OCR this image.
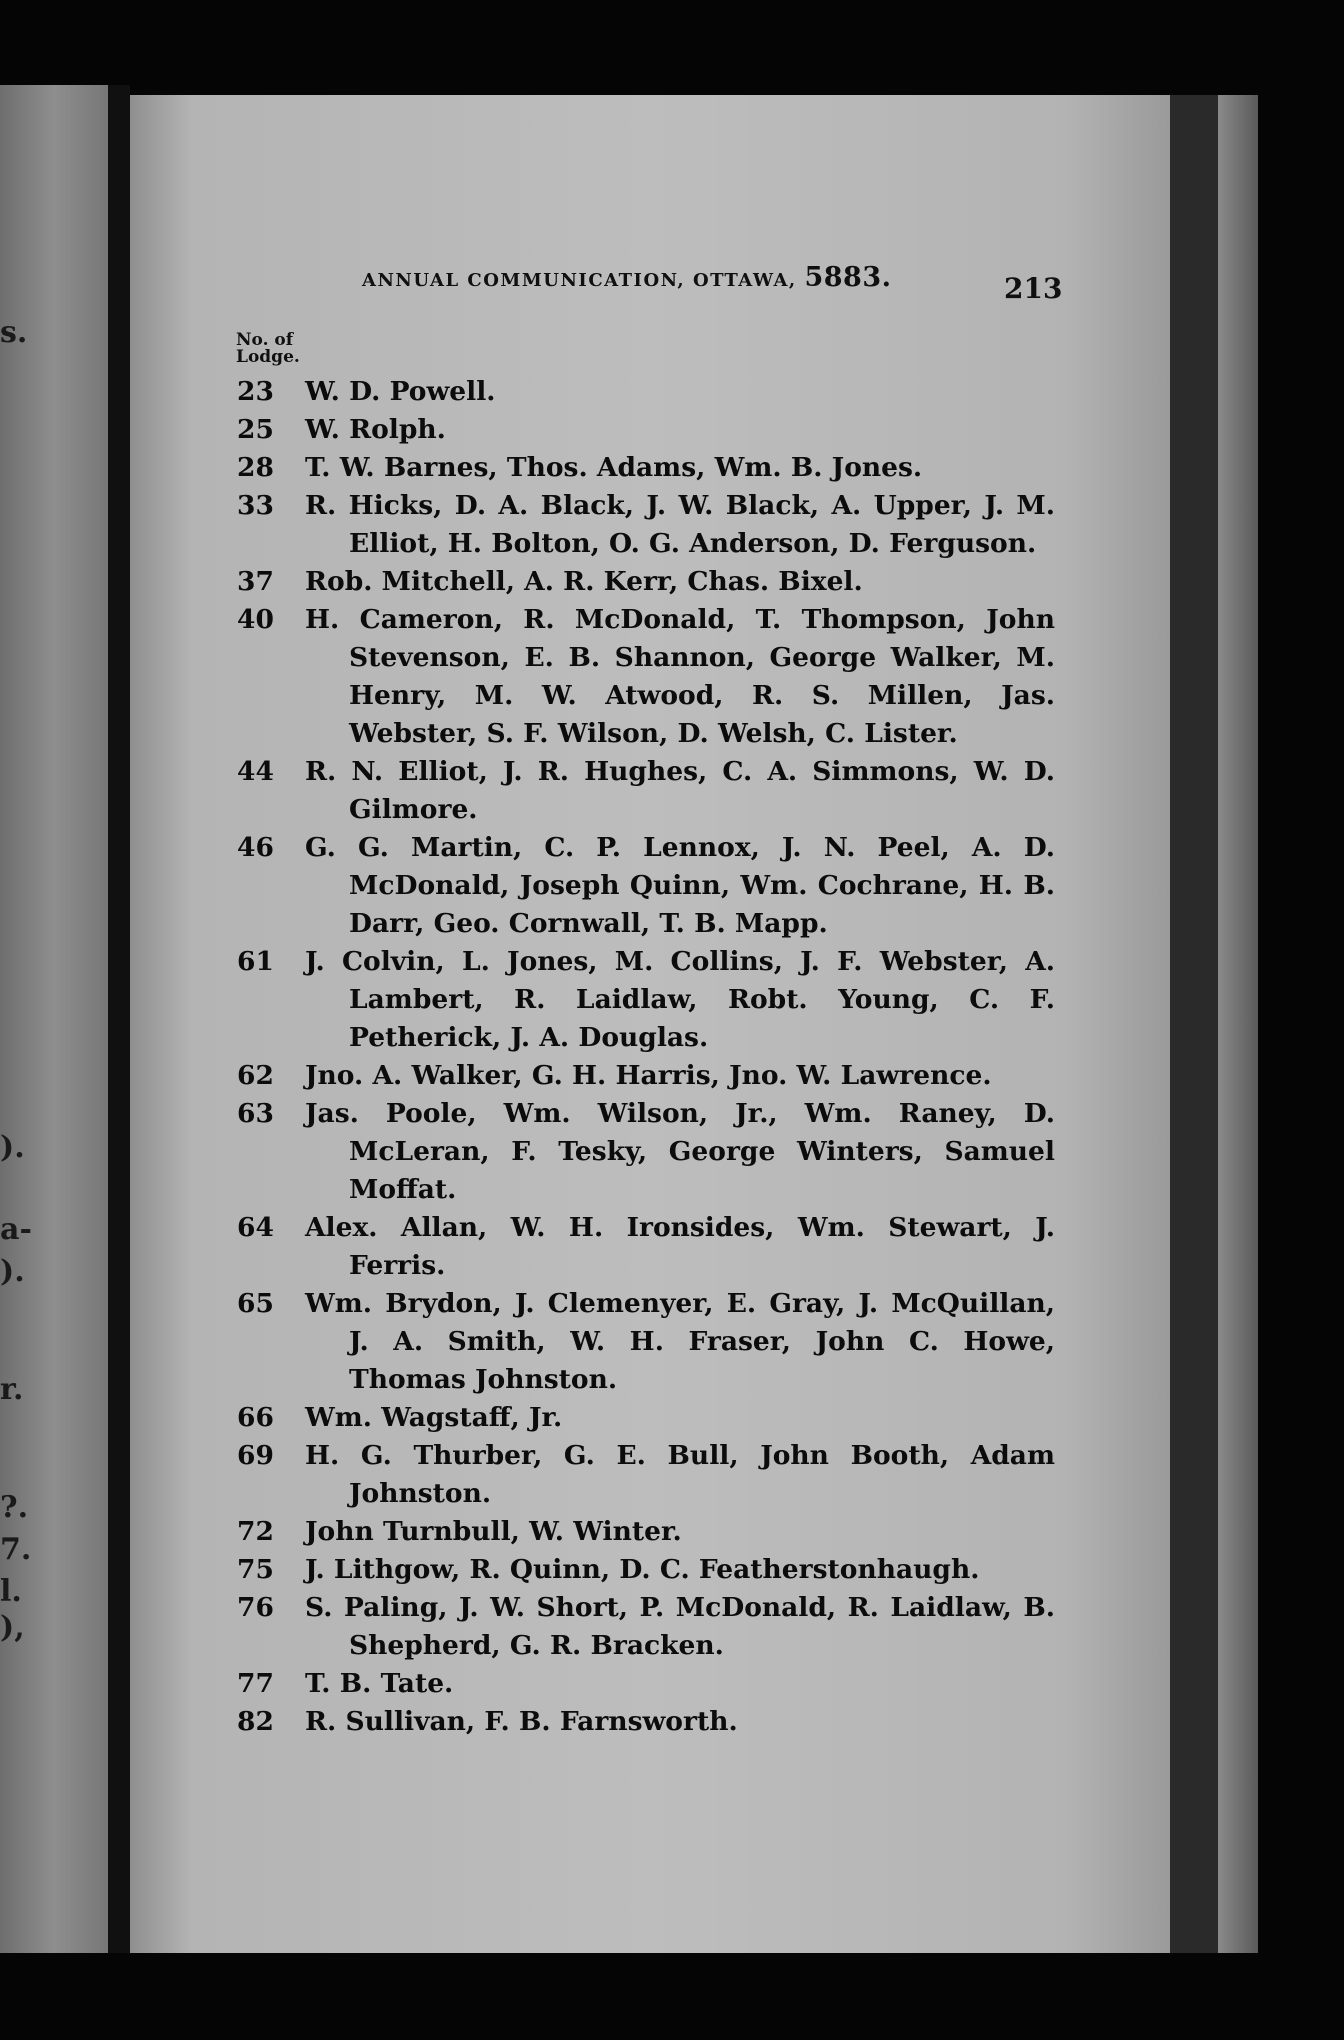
s.
).
a-
).
r.
?.
7.
l.
),
ANNUAL COMMUNICATION, OTTAWA, 5883.	213
No. of
Lodge.
23	W. D. Powell.
25	W. Rolph.
28	T. W. Barnes, Thos. Adams, Wm. B. Jones.
33	R. Hicks, D. A. Black, J. W. Black, A. Upper, J. M. Elliot, H. Bolton, O. G. Anderson, D. Ferguson.
37	Rob. Mitchell, A. R. Kerr, Chas. Bixel.
40	H. Cameron, R. McDonald, T. Thompson, John Stevenson, E. B. Shannon, George Walker, M. Henry, M. W. Atwood, R. S. Millen, Jas. Webster, S. F. Wilson, D. Welsh, C. Lister.
44	R. N. Elliot, J. R. Hughes, C. A. Simmons, W. D. Gilmore.
46	G. G. Martin, C. P. Lennox, J. N. Peel, A. D. McDonald, Joseph Quinn, Wm. Cochrane, H. B. Darr, Geo. Cornwall, T. B. Mapp.
61	J. Colvin, L. Jones, M. Collins, J. F. Webster, A. Lambert, R. Laidlaw, Robt. Young, C. F. Petherick, J. A. Douglas.
62	Jno. A. Walker, G. H. Harris, Jno. W. Lawrence.
63	Jas. Poole, Wm. Wilson, Jr., Wm. Raney, D. McLeran, F. Tesky, George Winters, Samuel Moffat.
64	Alex. Allan, W. H. Ironsides, Wm. Stewart, J. Ferris.
65	Wm. Brydon, J. Clemenyer, E. Gray, J. McQuillan, J. A. Smith, W. H. Fraser, John C. Howe, Thomas Johnston.
66	Wm. Wagstaff, Jr.
69	H. G. Thurber, G. E. Bull, John Booth, Adam Johnston.
72	John Turnbull, W. Winter.
75	J. Lithgow, R. Quinn, D. C. Featherstonhaugh.
76	S. Paling, J. W. Short, P. McDonald, R. Laidlaw, B. Shepherd, G. R. Bracken.
77	T. B. Tate.
82	R. Sullivan, F. B. Farnsworth.
